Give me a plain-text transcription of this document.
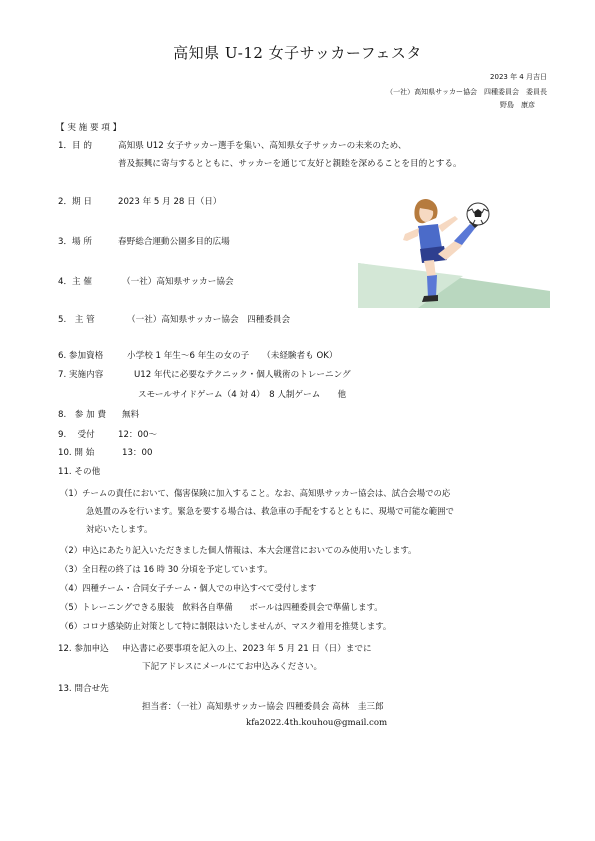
高知県 U-12 女子サッカーフェスタ
2023 年 4 月吉日
（一社）高知県サッカー協会　四種委員会　委員長
野島　康彦
【 実 施 要 項 】
1．目 的	高知県 U12 女子サッカー選手を集い、高知県女子サッカーの未来のため、
普及振興に寄与するとともに、サッカーを通じて友好と親睦を深めることを目的とする。
2．期 日	2023 年 5 月 28 日（日）
3．場 所	春野総合運動公園多目的広場
4．主 催	（一社）高知県サッカー協会
5.　主 管	（一社）高知県サッカー協会　四種委員会
6. 参加資格	小学校 1 年生～6 年生の女の子　　（未経験者も OK）
7. 実施内容	U12 年代に必要なテクニック・個人戦術のトレーニング
スモールサイドゲーム（4 対 4）　8 人制ゲーム　　他
8.　参 加 費 無料
9.　 受付	12：00～
10. 開 始	13：00
11. その他
（1）チームの責任において、傷害保険に加入すること。なお、高知県サッカー協会は、試合会場での応
急処置のみを行います。緊急を要する場合は、救急車の手配をするとともに、現場で可能な範囲で
対応いたします。
（2）申込にあたり記入いただきました個人情報は、本大会運営においてのみ使用いたします。
（3）全日程の終了は 16 時 30 分頃を予定しています。
（4）四種チーム・合同女子チーム・個人での申込すべて受付します
（5）トレーニングできる服装　飲料各自準備　　ボールは四種委員会で準備します。
（6）コロナ感染防止対策として特に制限はいたしませんが、マスク着用を推奨します。
12. 参加申込 申込書に必要事項を記入の上、2023 年 5 月 21 日（日）までに
下記アドレスにメールにてお申込みください。
13. 問合せ先
担当者：（一社）高知県サッカー協会 四種委員会 高林　圭三郎
kfa2022.4th.kouhou@gmail.com
